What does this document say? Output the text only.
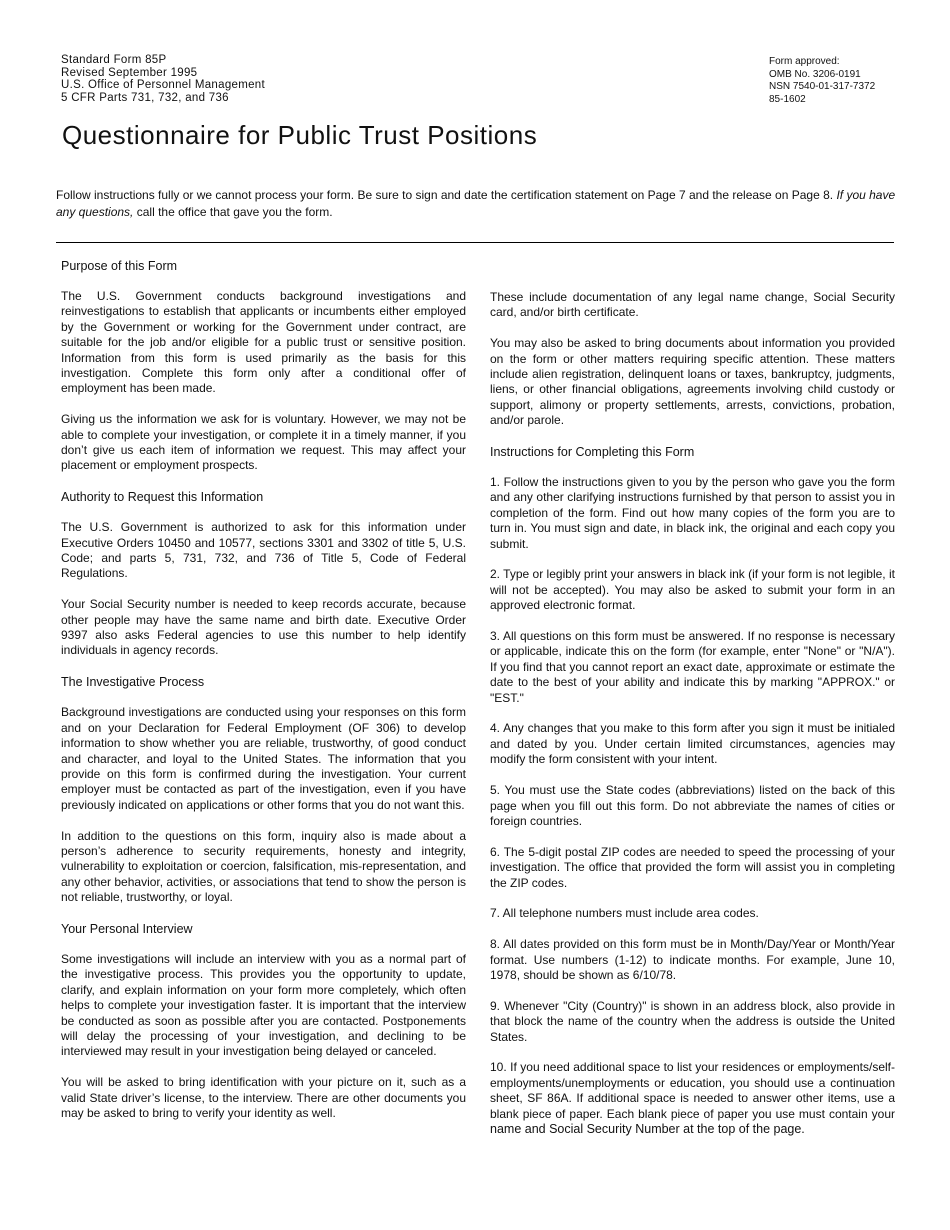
Standard Form 85P
Revised September 1995
U.S. Office of Personnel Management
5 CFR Parts 731, 732, and 736
Form approved:
OMB No. 3206-0191
NSN 7540-01-317-7372
85-1602
Questionnaire for Public Trust Positions
Follow instructions fully or we cannot process your form. Be sure to sign and date the certification statement on Page 7 and the release on Page 8. If you have any questions, call the office that gave you the form.
Purpose of this Form

The U.S. Government conducts background investigations and reinvestigations to establish that applicants or incumbents either employed by the Government or working for the Government under contract, are suitable for the job and/or eligible for a public trust or sensitive position. Information from this form is used primarily as the basis for this investigation. Complete this form only after a conditional offer of employment has been made.

Giving us the information we ask for is voluntary. However, we may not be able to complete your investigation, or complete it in a timely manner, if you don’t give us each item of information we request. This may affect your placement or employment prospects.

Authority to Request this Information

The U.S. Government is authorized to ask for this information under Executive Orders 10450 and 10577, sections 3301 and 3302 of title 5, U.S. Code; and parts 5, 731, 732, and 736 of Title 5, Code of Federal Regulations.

Your Social Security number is needed to keep records accurate, because other people may have the same name and birth date. Executive Order 9397 also asks Federal agencies to use this number to help identify individuals in agency records.

The Investigative Process

Background investigations are conducted using your responses on this form and on your Declaration for Federal Employment (OF 306) to develop information to show whether you are reliable, trustworthy, of good conduct and character, and loyal to the United States. The information that you provide on this form is confirmed during the investigation. Your current employer must be contacted as part of the investigation, even if you have previously indicated on applications or other forms that you do not want this.

In addition to the questions on this form, inquiry also is made about a person’s adherence to security requirements, honesty and integrity, vulnerability to exploitation or coercion, falsification, mis-representation, and any other behavior, activities, or associations that tend to show the person is not reliable, trustworthy, or loyal.

Your Personal Interview

Some investigations will include an interview with you as a normal part of the investigative process. This provides you the opportunity to update, clarify, and explain information on your form more completely, which often helps to complete your investigation faster. It is important that the interview be conducted as soon as possible after you are contacted. Postponements will delay the processing of your investigation, and declining to be interviewed may result in your investigation being delayed or canceled.

You will be asked to bring identification with your picture on it, such as a valid State driver’s license, to the interview. There are other documents you may be asked to bring to verify your identity as well.

These include documentation of any legal name change, Social Security card, and/or birth certificate.

You may also be asked to bring documents about information you provided on the form or other matters requiring specific attention. These matters include alien registration, delinquent loans or taxes, bankruptcy, judgments, liens, or other financial obligations, agreements involving child custody or support, alimony or property settlements, arrests, convictions, probation, and/or parole.

Instructions for Completing this Form

1. Follow the instructions given to you by the person who gave you the form and any other clarifying instructions furnished by that person to assist you in completion of the form. Find out how many copies of the form you are to turn in. You must sign and date, in black ink, the original and each copy you submit.

2. Type or legibly print your answers in black ink (if your form is not legible, it will not be accepted). You may also be asked to submit your form in an approved electronic format.

3. All questions on this form must be answered. If no response is necessary or applicable, indicate this on the form (for example, enter "None" or "N/A"). If you find that you cannot report an exact date, approximate or estimate the date to the best of your ability and indicate this by marking "APPROX." or "EST."

4. Any changes that you make to this form after you sign it must be initialed and dated by you. Under certain limited circumstances, agencies may modify the form consistent with your intent.

5. You must use the State codes (abbreviations) listed on the back of this page when you fill out this form. Do not abbreviate the names of cities or foreign countries.

6. The 5-digit postal ZIP codes are needed to speed the processing of your investigation. The office that provided the form will assist you in completing the ZIP codes.

7. All telephone numbers must include area codes.

8. All dates provided on this form must be in Month/Day/Year or Month/Year format. Use numbers (1-12) to indicate months. For example, June 10, 1978, should be shown as 6/10/78.

9. Whenever "City (Country)" is shown in an address block, also provide in that block the name of the country when the address is outside the United States.

10. If you need additional space to list your residences or employments/self-employments/unemployments or education, you should use a continuation sheet, SF 86A. If additional space is needed to answer other items, use a blank piece of paper. Each blank piece of paper you use must contain your name and Social Security Number at the top of the page.
